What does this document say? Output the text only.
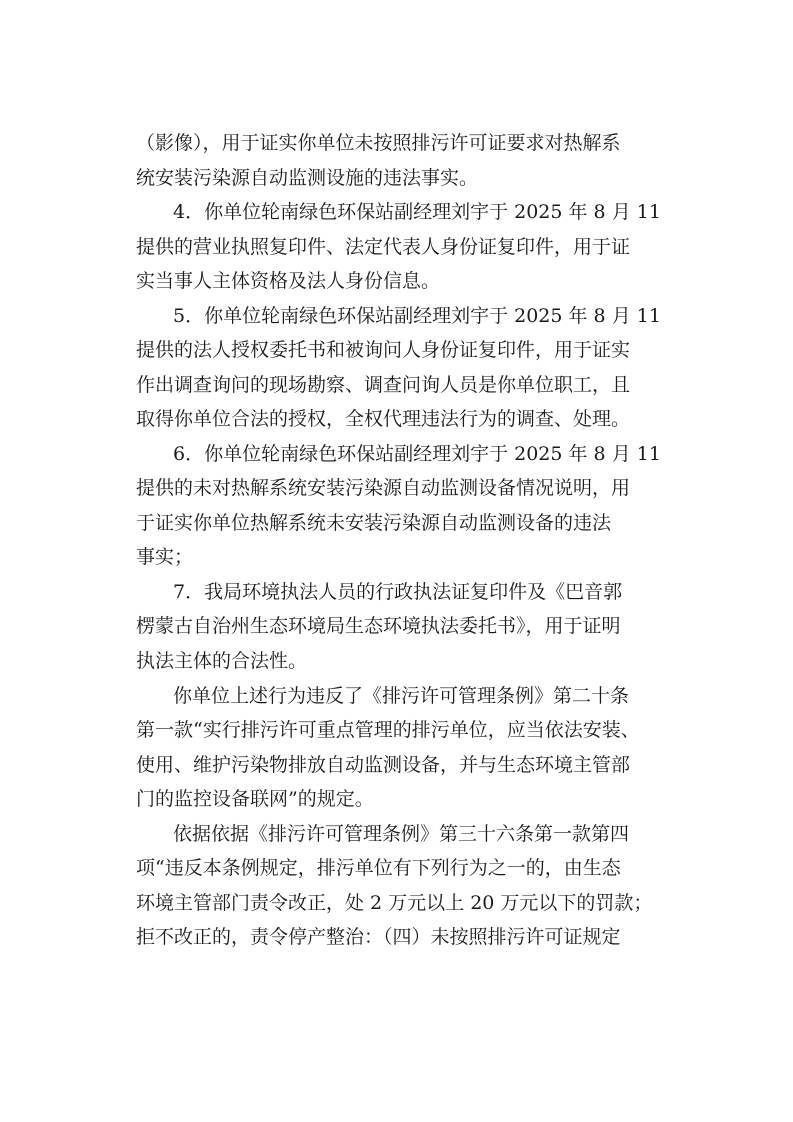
（影像），用于证实你单位未按照排污许可证要求对热解系
统安装污染源自动监测设施的违法事实。
4．你单位轮南绿色环保站副经理刘宇于 2025 年 8 月 11
提供的营业执照复印件、法定代表人身份证复印件，用于证
实当事人主体资格及法人身份信息。
5．你单位轮南绿色环保站副经理刘宇于 2025 年 8 月 11
提供的法人授权委托书和被询问人身份证复印件，用于证实
作出调查询问的现场勘察、调查问询人员是你单位职工，且
取得你单位合法的授权，全权代理违法行为的调查、处理。
6．你单位轮南绿色环保站副经理刘宇于 2025 年 8 月 11
提供的未对热解系统安装污染源自动监测设备情况说明，用
于证实你单位热解系统未安装污染源自动监测设备的违法
事实；
7．我局环境执法人员的行政执法证复印件及《巴音郭
楞蒙古自治州生态环境局生态环境执法委托书》，用于证明
执法主体的合法性。
你单位上述行为违反了《排污许可管理条例》第二十条
第一款“实行排污许可重点管理的排污单位，应当依法安装、
使用、维护污染物排放自动监测设备，并与生态环境主管部
门的监控设备联网”的规定。
依据依据《排污许可管理条例》第三十六条第一款第四
项“违反本条例规定，排污单位有下列行为之一的，由生态
环境主管部门责令改正，处 2 万元以上 20 万元以下的罚款；
拒不改正的，责令停产整治：（四）未按照排污许可证规定
